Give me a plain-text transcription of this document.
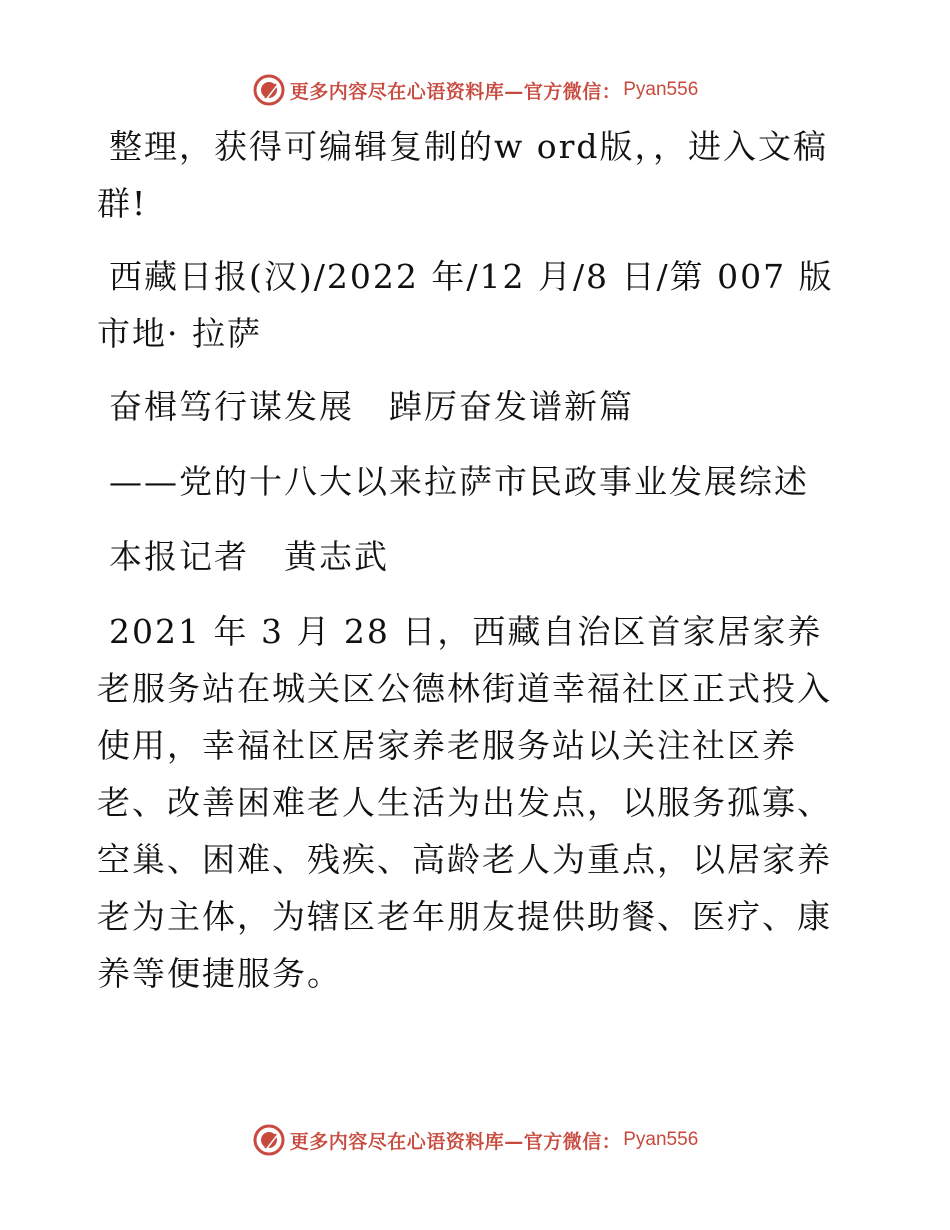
更多内容尽在心语资料库—官方微信： Pyan556

整理，获得可编辑复制的w ord版，，进入文稿群!

西藏日报(汉)/2022 年/12 月/8 日/第 007 版市地· 拉萨

奋楫笃行谋发展　踔厉奋发谱新篇

——党的十八大以来拉萨市民政事业发展综述

本报记者　黄志武

2021 年 3 月 28 日，西藏自治区首家居家养老服务站在城关区公德林街道幸福社区正式投入使用，幸福社区居家养老服务站以关注社区养老、改善困难老人生活为出发点，以服务孤寡、空巢、困难、残疾、高龄老人为重点，以居家养老为主体，为辖区老年朋友提供助餐、医疗、康养等便捷服务。

更多内容尽在心语资料库—官方微信： Pyan556
